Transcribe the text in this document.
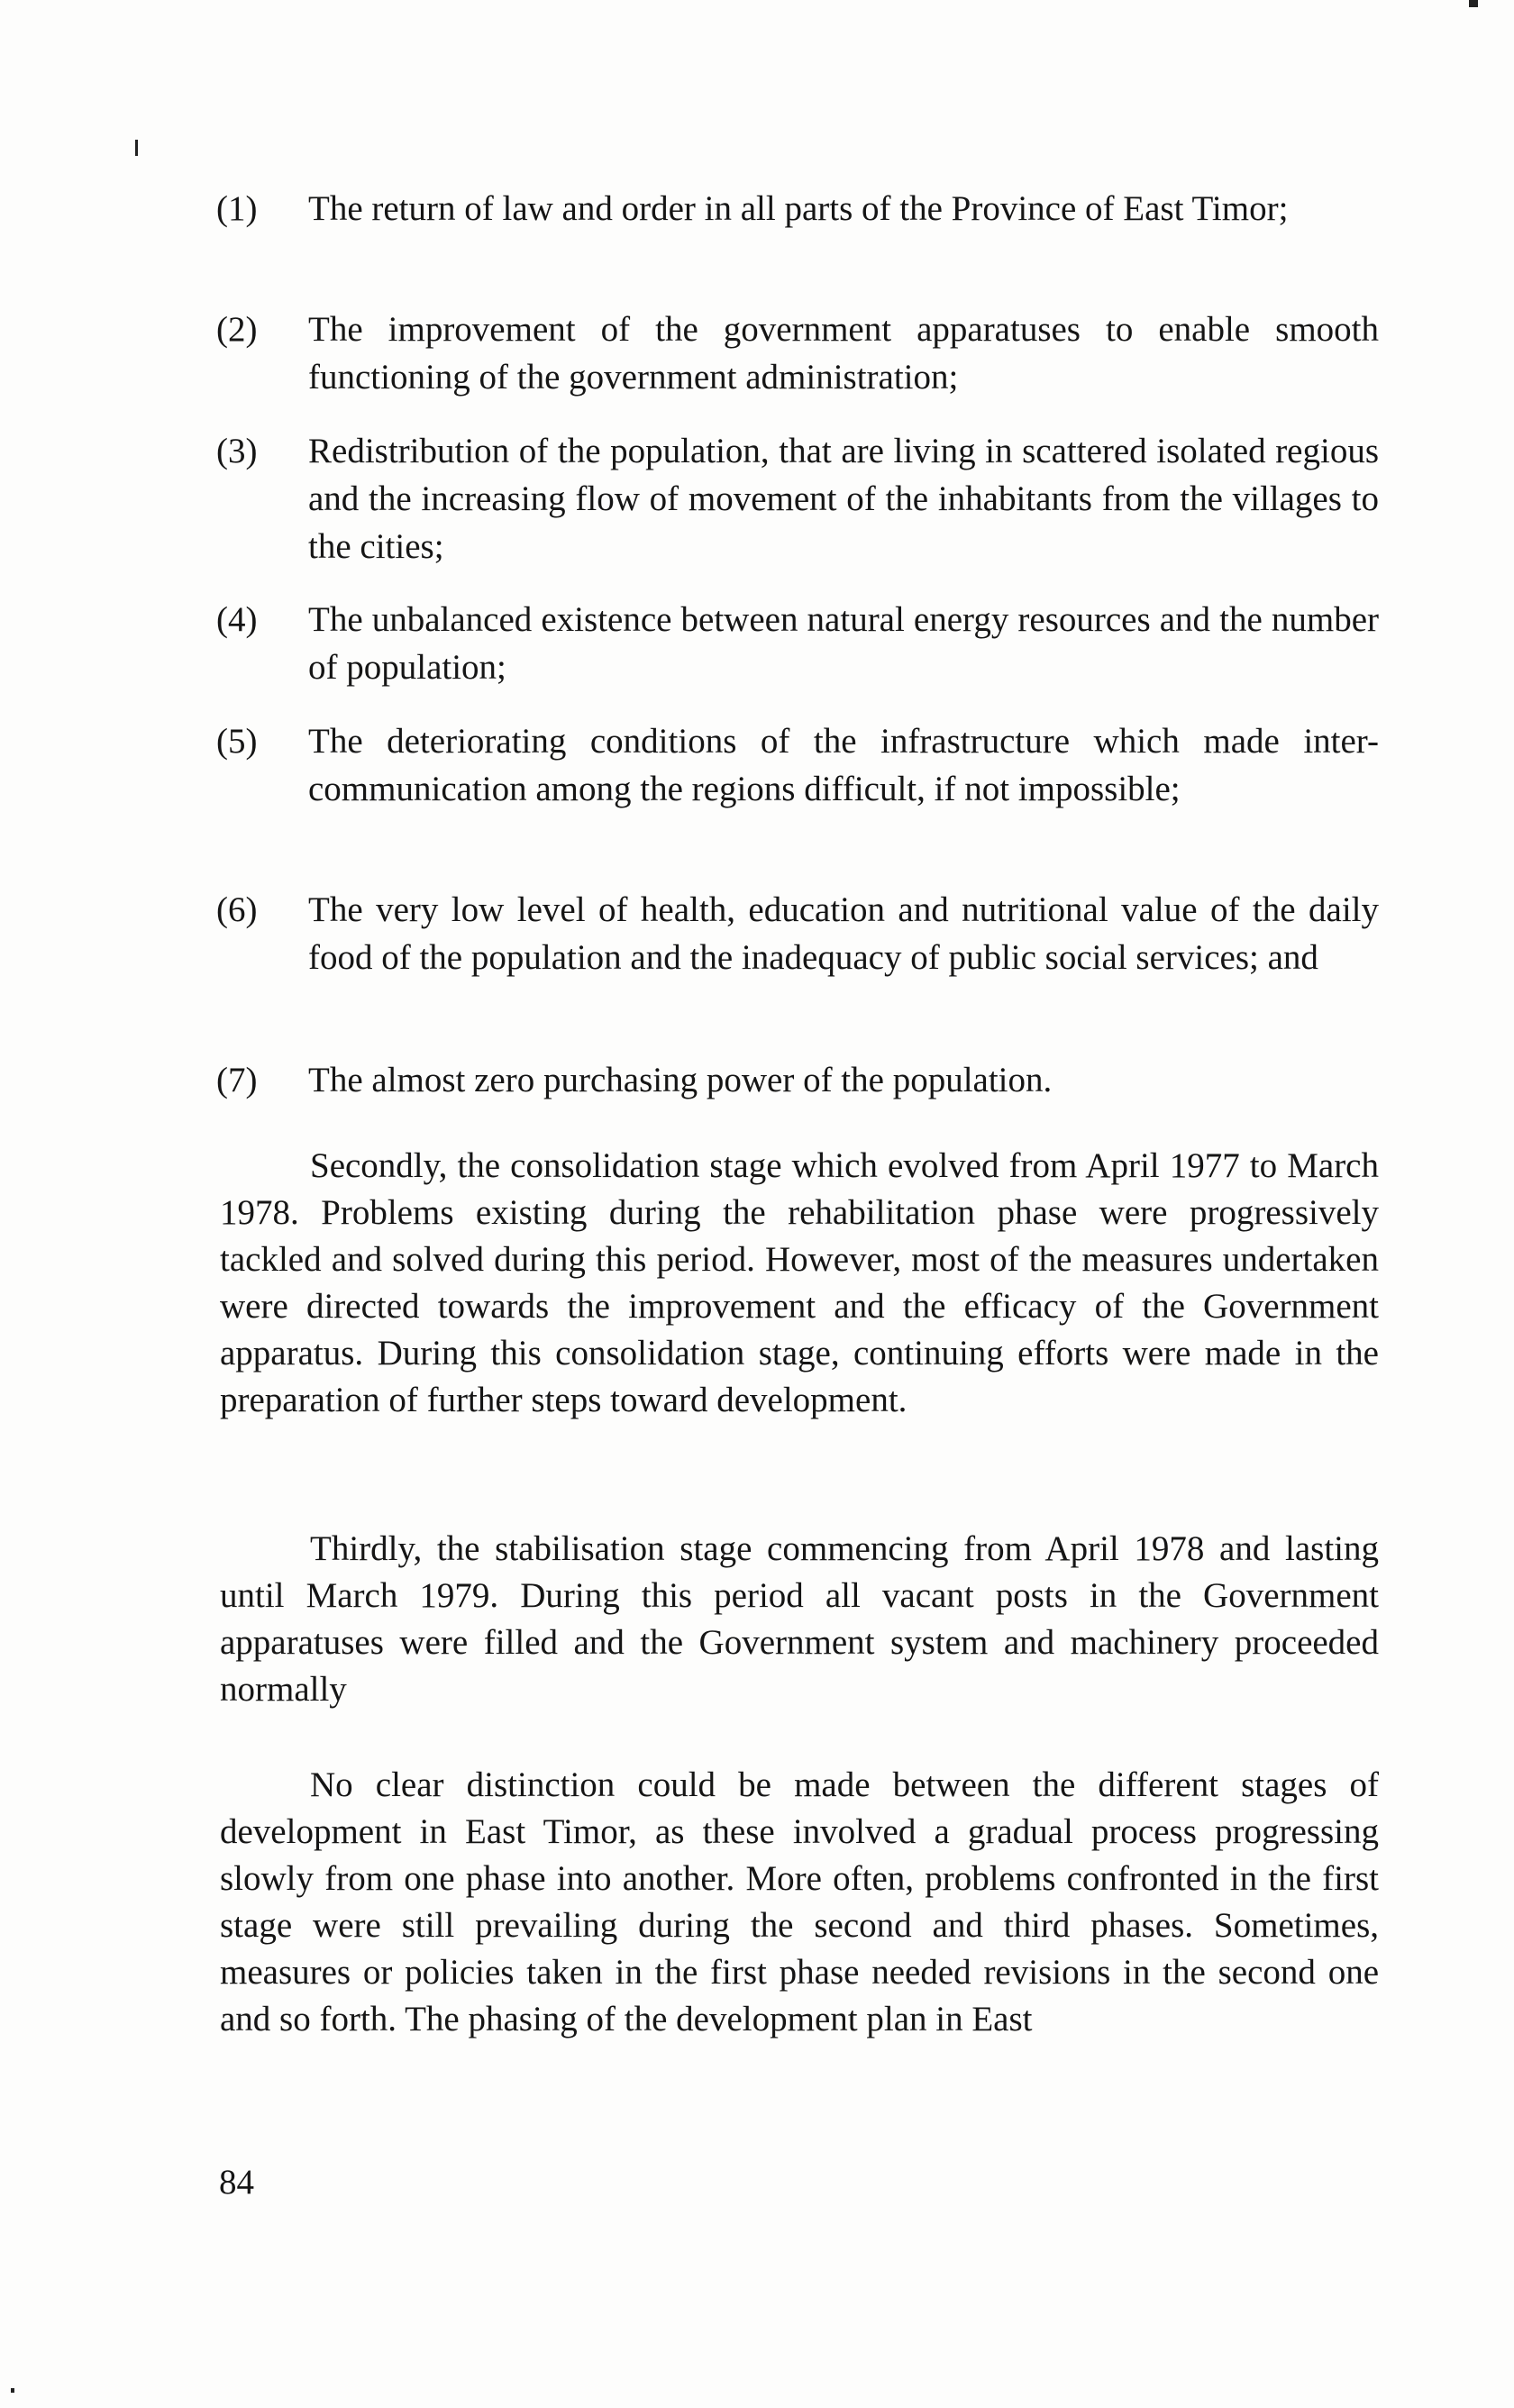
(1)	The return of law and order in all parts of the Province of East Timor;
(2)	The improvement of the government apparatuses to enable smooth functioning of the government administration;
(3)	Redistribution of the population, that are living in scattered isolated regious and the increasing flow of movement of the inhabitants from the villages to the cities;
(4)	The unbalanced existence between natural energy resources and the number of population;
(5)	The deteriorating conditions of the infrastructure which made inter-communication among the regions difficult, if not impossible;
(6)	The very low level of health, education and nutritional value of the daily food of the population and the inadequacy of public social services; and
(7)	The almost zero purchasing power of the population.

Secondly, the consolidation stage which evolved from April 1977 to March 1978. Problems existing during the rehabilitation phase were progressively tackled and solved during this period. However, most of the measures undertaken were directed towards the improvement and the efficacy of the Government apparatus. During this consolidation stage, continuing efforts were made in the preparation of further steps toward development.

Thirdly, the stabilisation stage commencing from April 1978 and lasting until March 1979. During this period all vacant posts in the Government apparatuses were filled and the Government system and machinery proceeded normally

No clear distinction could be made between the different stages of development in East Timor, as these involved a gradual process progressing slowly from one phase into another. More often, problems confronted in the first stage were still prevailing during the second and third phases. Sometimes, measures or policies taken in the first phase needed revisions in the second one and so forth. The phasing of the development plan in East

84
